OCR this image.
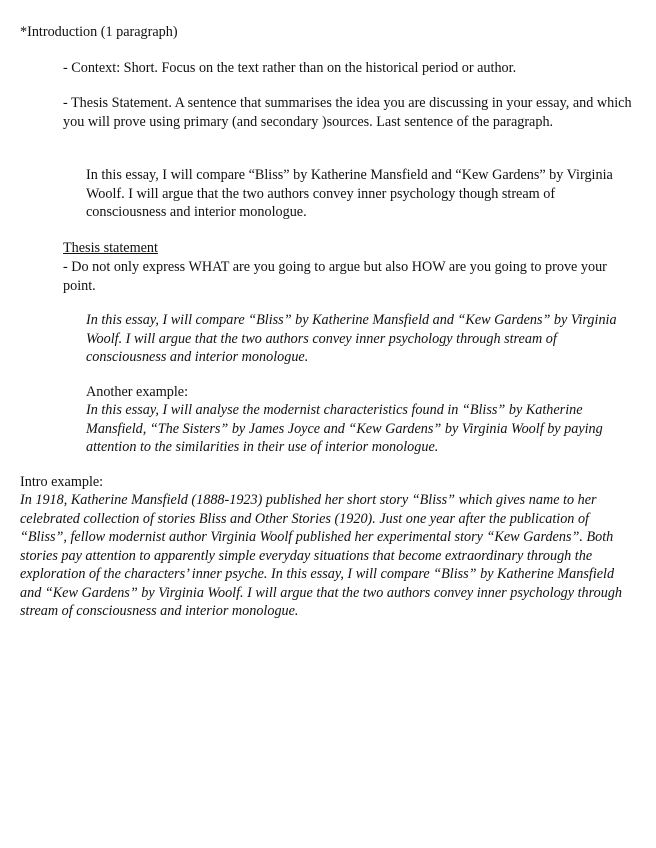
*Introduction (1 paragraph)

- Context: Short. Focus on the text rather than on the historical period or author.

- Thesis Statement. A sentence that summarises the idea you are discussing in your essay, and which you will prove using primary (and secondary )sources. Last sentence of the paragraph.

In this essay, I will compare “Bliss” by Katherine Mansfield and “Kew Gardens” by Virginia Woolf. I will argue that the two authors convey inner psychology though stream of consciousness and interior monologue.

Thesis statement

- Do not only express WHAT are you going to argue but also HOW are you going to prove your point.

In this essay, I will compare “Bliss” by Katherine Mansfield and “Kew Gardens” by Virginia Woolf. I will argue that the two authors convey inner psychology through stream of consciousness and interior monologue.

Another example:

In this essay, I will analyse the modernist characteristics found in “Bliss” by Katherine Mansfield, “The Sisters” by James Joyce and “Kew Gardens” by Virginia Woolf by paying attention to the similarities in their use of interior monologue.

Intro example:

In 1918, Katherine Mansfield (1888-1923) published her short story “Bliss” which gives name to her celebrated collection of stories Bliss and Other Stories (1920). Just one year after the publication of “Bliss”, fellow modernist author Virginia Woolf published her experimental story “Kew Gardens”. Both stories pay attention to apparently simple everyday situations that become extraordinary through the exploration of the characters’ inner psyche. In this essay, I will compare “Bliss” by Katherine Mansfield and “Kew Gardens” by Virginia Woolf. I will argue that the two authors convey inner psychology through stream of consciousness and interior monologue.
